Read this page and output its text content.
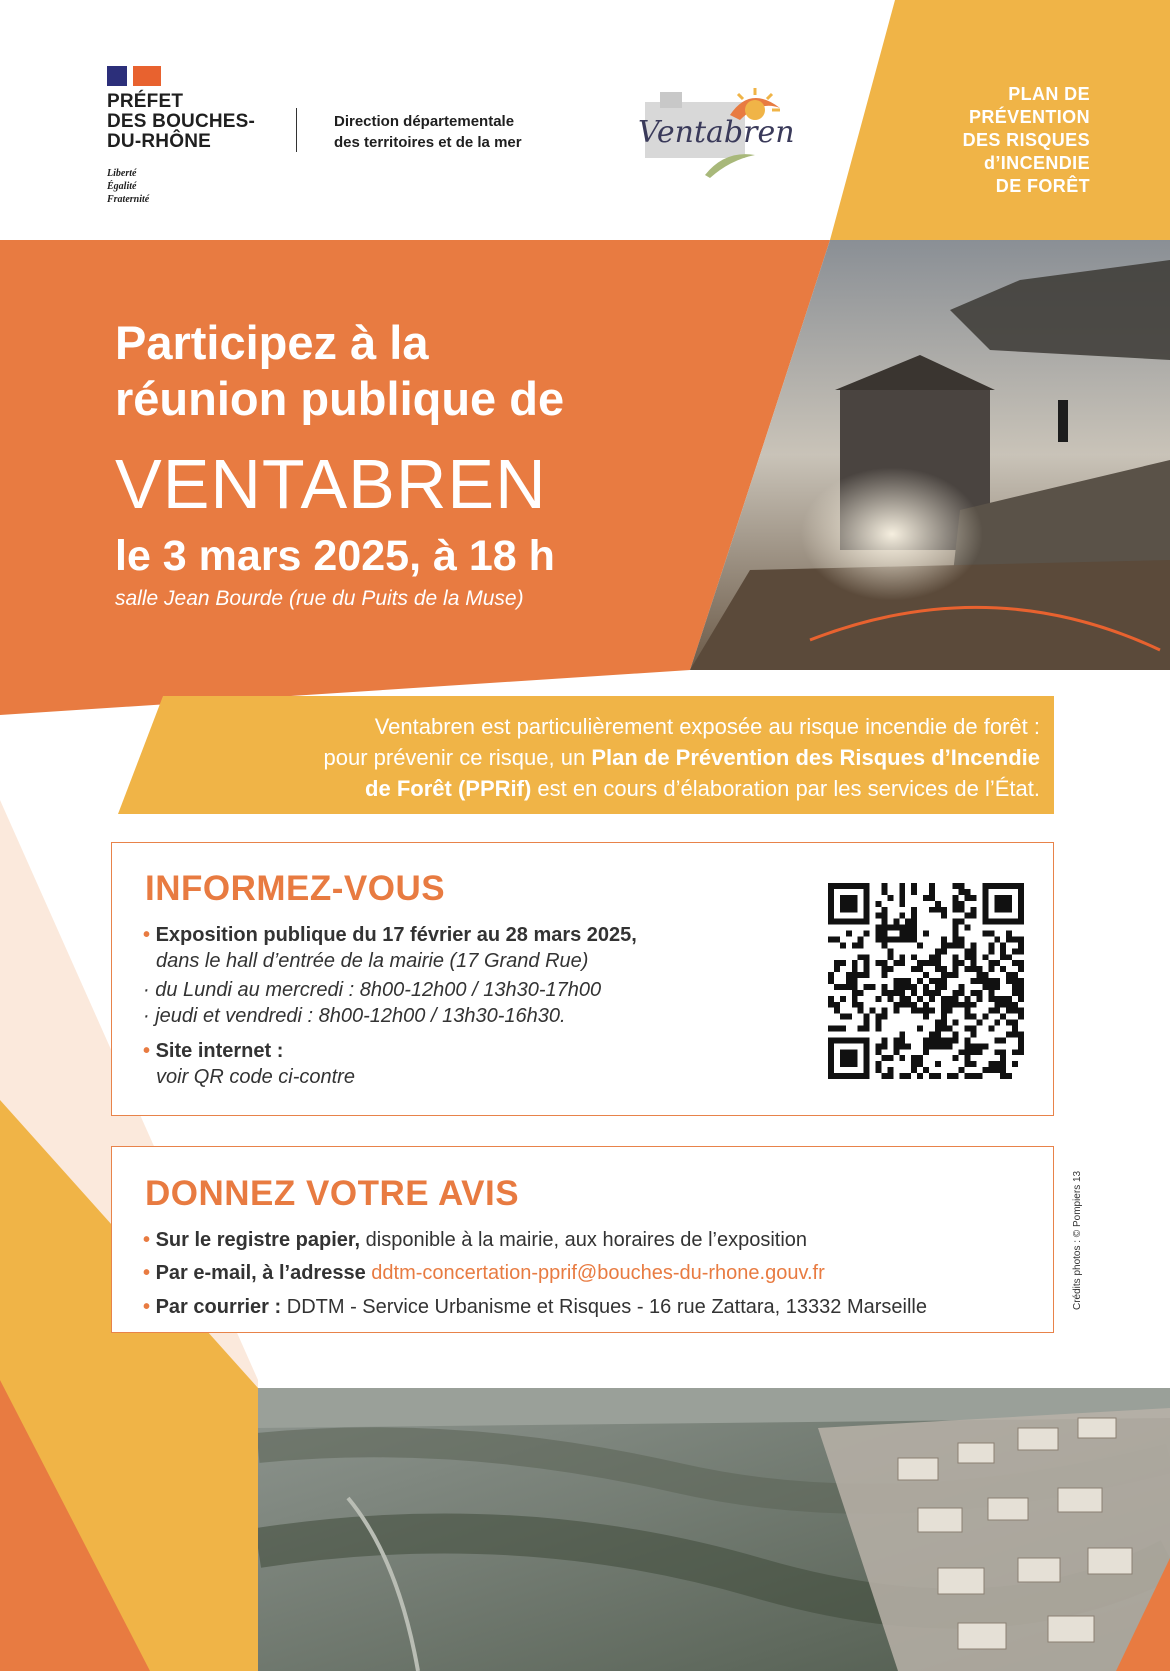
PRÉFET
DES BOUCHES-
DU-RHÔNE
Liberté
Égalité
Fraternité
Direction départementale
des territoires et de la mer	Ventabren
PLAN DE
PRÉVENTION
DES RISQUES
d’INCENDIE
DE FORÊT
Participez à la
réunion publique de
VENTABREN
le 3 mars 2025, à 18 h
salle Jean Bourde (rue du Puits de la Muse)
Ventabren est particulièrement exposée au risque incendie de forêt :
pour prévenir ce risque, un Plan de Prévention des Risques d’Incendie
de Forêt (PPRif) est en cours d’élaboration par les services de l’État.
INFORMEZ-VOUS
• Exposition publique du 17 février au 28 mars 2025,
dans le hall d’entrée de la mairie (17 Grand Rue)
· du Lundi au mercredi : 8h00-12h00 / 13h30-17h00
· jeudi et vendredi : 8h00-12h00 / 13h30-16h30.
• Site internet :
voir QR code ci-contre
DONNEZ VOTRE AVIS
• Sur le registre papier, disponible à la mairie, aux horaires de l’exposition
• Par e-mail, à l’adresse ddtm-concertation-pprif@bouches-du-rhone.gouv.fr
• Par courrier : DDTM - Service Urbanisme et Risques - 16 rue Zattara, 13332 Marseille	Crédits photos : © Pompiers 13
